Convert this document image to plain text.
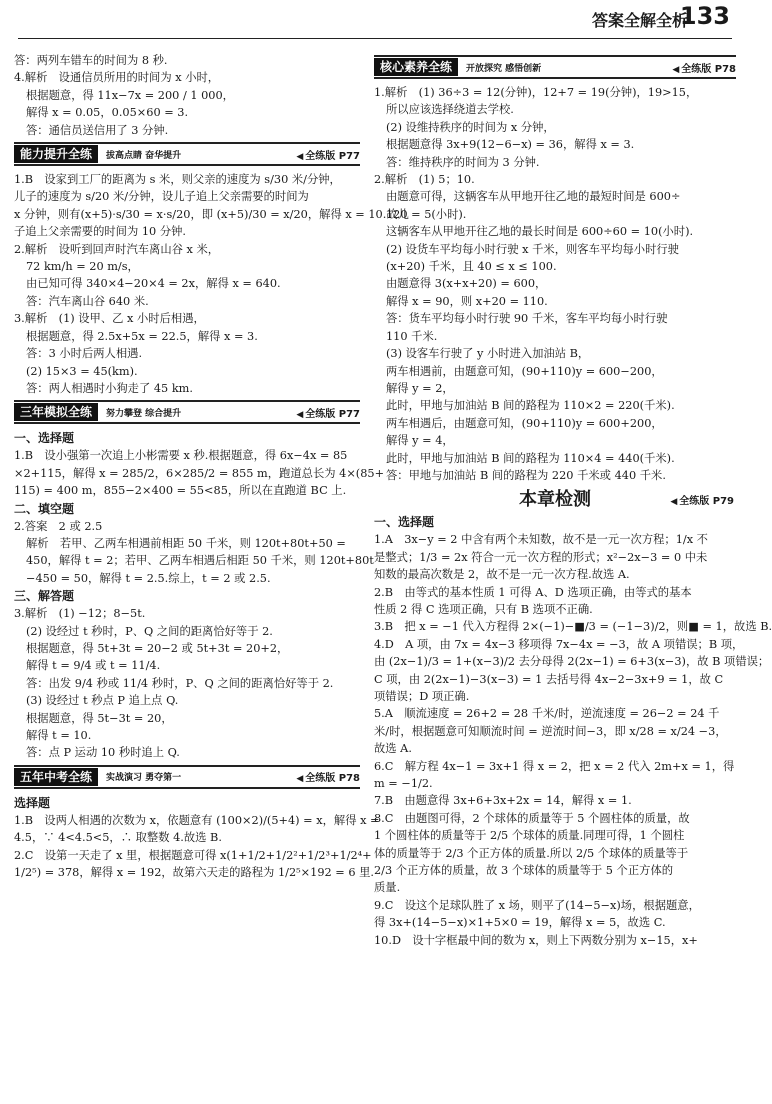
答案全解全析
133
答：两列车错车的时间为 8 秒.
4.解析　设通信员所用的时间为 x 小时，
根据题意，得 11x−7x = 200 / 1 000，
解得 x = 0.05，0.05×60 = 3.
答：通信员送信用了 3 分钟.
能力提升全练	拔高点睛 奋华提升	◀ 全练版 P77
1.B　设家到工厂的距离为 s 米，则父亲的速度为 s/30 米/分钟，
儿子的速度为 s/20 米/分钟，设儿子追上父亲需要的时间为
x 分钟，则有(x+5)·s/30 = x·s/20，即 (x+5)/30 = x/20，解得 x = 10.故儿
子追上父亲需要的时间为 10 分钟.
2.解析　设听到回声时汽车离山谷 x 米，
72 km/h = 20 m/s，
由已知可得 340×4−20×4 = 2x，解得 x = 640.
答：汽车离山谷 640 米.
3.解析　(1) 设甲、乙 x 小时后相遇，
根据题意，得 2.5x+5x = 22.5，解得 x = 3.
答：3 小时后两人相遇.
(2) 15×3 = 45(km).
答：两人相遇时小狗走了 45 km.
三年模拟全练	努力攀登 综合提升	◀ 全练版 P77
一、选择题
1.B　设小强第一次追上小彬需要 x 秒.根据题意，得 6x−4x = 85
×2+115，解得 x = 285/2，6×285/2 = 855 m，跑道总长为 4×(85+
115) = 400 m，855−2×400 = 55<85，所以在直跑道 BC 上.
二、填空题
2.答案　2 或 2.5
解析　若甲、乙两车相遇前相距 50 千米，则 120t+80t+50 =
450，解得 t = 2；若甲、乙两车相遇后相距 50 千米，则 120t+80t
−450 = 50，解得 t = 2.5.综上，t = 2 或 2.5.
三、解答题
3.解析　(1) −12；8−5t.
(2) 设经过 t 秒时，P、Q 之间的距离恰好等于 2.
根据题意，得 5t+3t = 20−2 或 5t+3t = 20+2，
解得 t = 9/4 或 t = 11/4.
答：出发 9/4 秒或 11/4 秒时，P、Q 之间的距离恰好等于 2.
(3) 设经过 t 秒点 P 追上点 Q.
根据题意，得 5t−3t = 20，
解得 t = 10.
答：点 P 运动 10 秒时追上 Q.
五年中考全练	实战演习 勇夺第一	◀ 全练版 P78
选择题
1.B　设两人相遇的次数为 x，依题意有 (100×2)/(5+4) = x，解得 x =
4.5，∵ 4<4.5<5，∴ 取整数 4.故选 B.
2.C　设第一天走了 x 里，根据题意可得 x(1+1/2+1/2²+1/2³+1/2⁴+
1/2⁵) = 378，解得 x = 192，故第六天走的路程为 1/2⁵×192 = 6 里.
核心素养全练	开放探究 感悟创新	◀ 全练版 P78
1.解析　(1) 36÷3 = 12(分钟)，12+7 = 19(分钟)，19>15，
所以应该选择绕道去学校.
(2) 设维持秩序的时间为 x 分钟，
根据题意得 3x+9(12−6−x) = 36，解得 x = 3.
答：维持秩序的时间为 3 分钟.
2.解析　(1) 5；10.
由题意可得，这辆客车从甲地开往乙地的最短时间是 600÷
120 = 5(小时).
这辆客车从甲地开往乙地的最长时间是 600÷60 = 10(小时).
(2) 设货车平均每小时行驶 x 千米，则客车平均每小时行驶
(x+20) 千米，且 40 ≤ x ≤ 100.
由题意得 3(x+x+20) = 600，
解得 x = 90，则 x+20 = 110.
答：货车平均每小时行驶 90 千米，客车平均每小时行驶
110 千米.
(3) 设客车行驶了 y 小时进入加油站 B，
两车相遇前，由题意可知，(90+110)y = 600−200，
解得 y = 2，
此时，甲地与加油站 B 间的路程为 110×2 = 220(千米).
两车相遇后，由题意可知，(90+110)y = 600+200，
解得 y = 4，
此时，甲地与加油站 B 间的路程为 110×4 = 440(千米).
答：甲地与加油站 B 间的路程为 220 千米或 440 千米.
本章检测	◀ 全练版 P79
一、选择题
1.A　3x−y = 2 中含有两个未知数，故不是一元一次方程；1/x 不
是整式；1/3 = 2x 符合一元一次方程的形式；x²−2x−3 = 0 中未
知数的最高次数是 2，故不是一元一次方程.故选 A.
2.B　由等式的基本性质 1 可得 A、D 选项正确，由等式的基本
性质 2 得 C 选项正确，只有 B 选项不正确.
3.B　把 x = −1 代入方程得 2×(−1)−■/3 = (−1−3)/2，则■ = 1，故选 B.
4.D　A 项，由 7x = 4x−3 移项得 7x−4x = −3，故 A 项错误；B 项，
由 (2x−1)/3 = 1+(x−3)/2 去分母得 2(2x−1) = 6+3(x−3)，故 B 项错误；
C 项，由 2(2x−1)−3(x−3) = 1 去括号得 4x−2−3x+9 = 1，故 C
项错误；D 项正确.
5.A　顺流速度 = 26+2 = 28 千米/时，逆流速度 = 26−2 = 24 千
米/时，根据题意可知顺流时间 = 逆流时间−3，即 x/28 = x/24 −3，
故选 A.
6.C　解方程 4x−1 = 3x+1 得 x = 2，把 x = 2 代入 2m+x = 1，得
m = −1/2.
7.B　由题意得 3x+6+3x+2x = 14，解得 x = 1.
8.C　由题图可得，2 个球体的质量等于 5 个圆柱体的质量，故
1 个圆柱体的质量等于 2/5 个球体的质量.同理可得，1 个圆柱
体的质量等于 2/3 个正方体的质量.所以 2/5 个球体的质量等于
2/3 个正方体的质量，故 3 个球体的质量等于 5 个正方体的
质量.
9.C　设这个足球队胜了 x 场，则平了(14−5−x)场，根据题意，
得 3x+(14−5−x)×1+5×0 = 19，解得 x = 5，故选 C.
10.D　设十字框最中间的数为 x，则上下两数分别为 x−15，x+
